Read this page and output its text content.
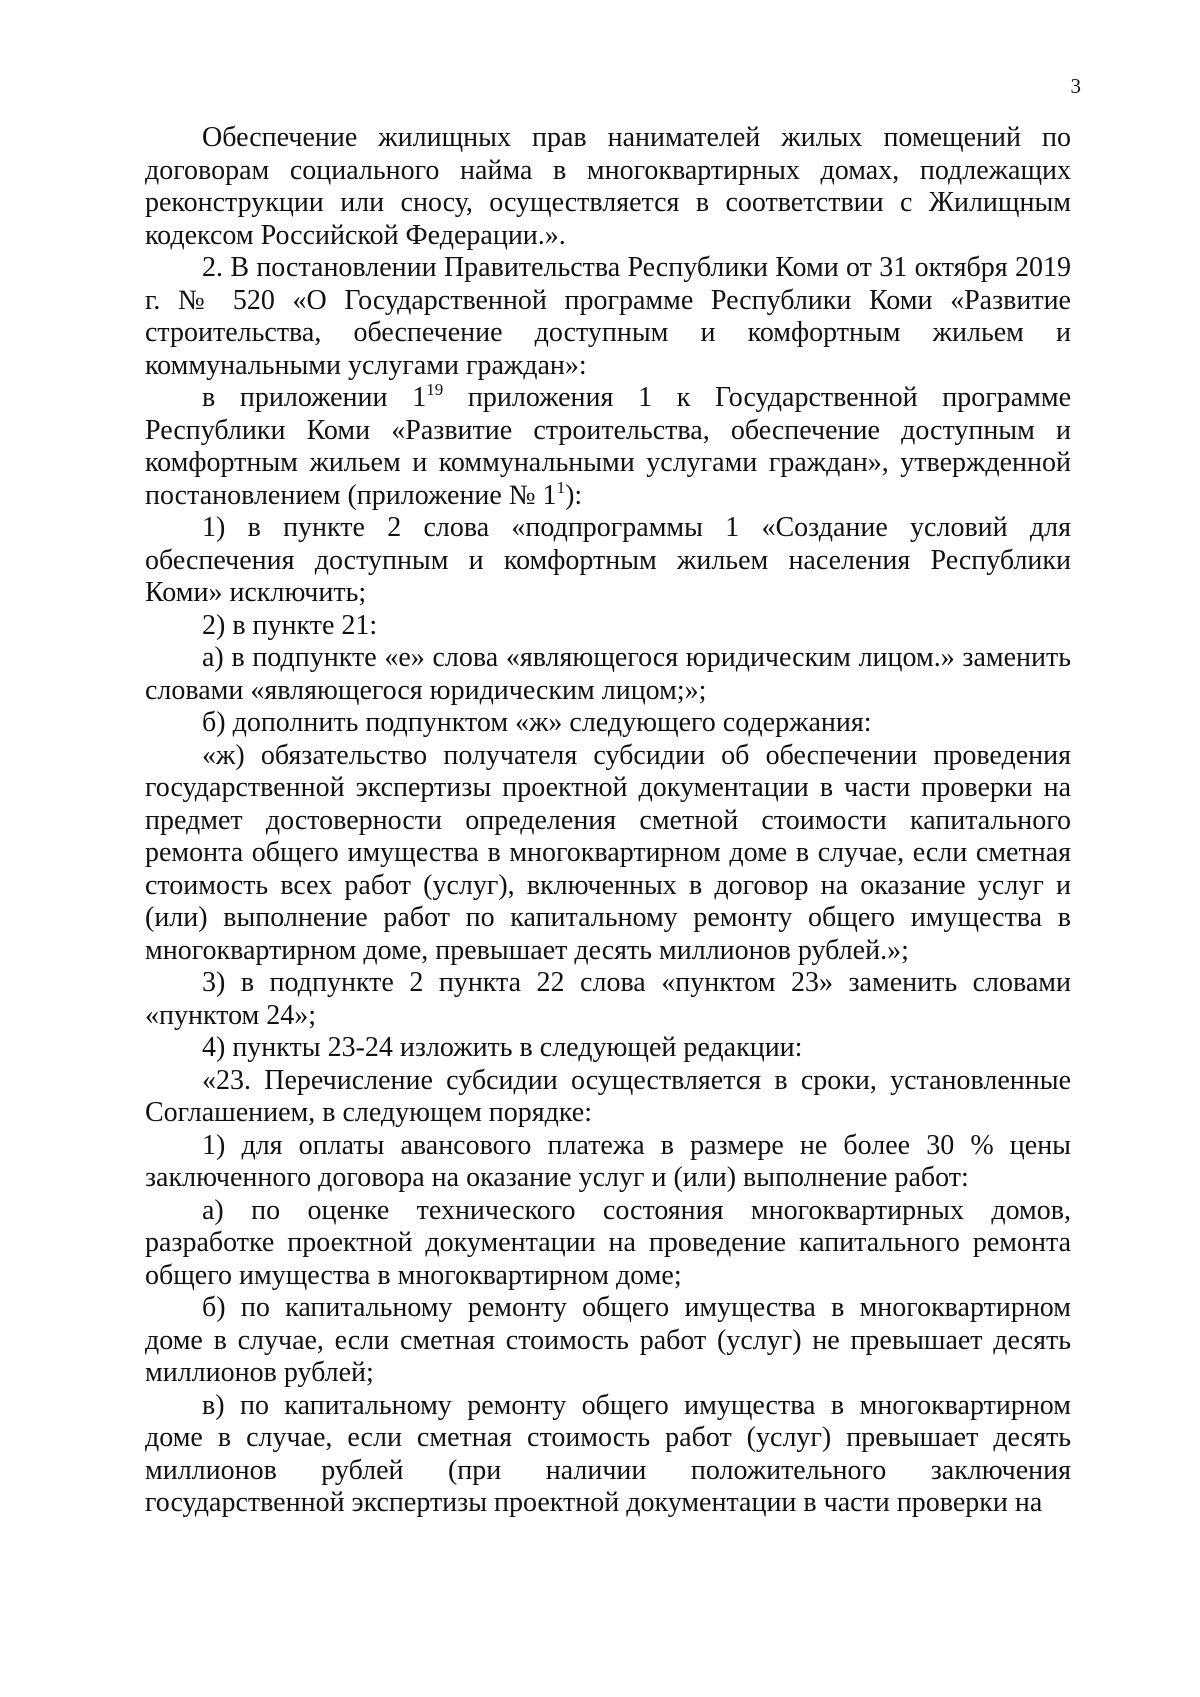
3

Обеспечение жилищных прав нанимателей жилых помещений по договорам социального найма в многоквартирных домах, подлежащих реконструкции или сносу, осуществляется в соответствии с Жилищным кодексом Российской Федерации.».

2. В постановлении Правительства Республики Коми от 31 октября 2019 г. № 520 «О Государственной программе Республики Коми «Развитие строительства, обеспечение доступным и комфортным жильем и коммунальными услугами граждан»:

в приложении $1^{19}$ приложения 1 к Государственной программе Республики Коми «Развитие строительства, обеспечение доступным и комфортным жильем и коммунальными услугами граждан», утвержденной постановлением (приложение № $1^1$):

1) в пункте 2 слова «подпрограммы 1 «Создание условий для обеспечения доступным и комфортным жильем населения Республики Коми» исключить;

2) в пункте 21:

а) в подпункте «е» слова «являющегося юридическим лицом.» заменить словами «являющегося юридическим лицом;»;

б) дополнить подпунктом «ж» следующего содержания:

«ж) обязательство получателя субсидии об обеспечении проведения государственной экспертизы проектной документации в части проверки на предмет достоверности определения сметной стоимости капитального ремонта общего имущества в многоквартирном доме в случае, если сметная стоимость всех работ (услуг), включенных в договор на оказание услуг и (или) выполнение работ по капитальному ремонту общего имущества в многоквартирном доме, превышает десять миллионов рублей.»;

3) в подпункте 2 пункта 22 слова «пунктом 23» заменить словами «пунктом 24»;

4) пункты 23-24 изложить в следующей редакции:

«23. Перечисление субсидии осуществляется в сроки, установленные Соглашением, в следующем порядке:

1) для оплаты авансового платежа в размере не более 30 % цены заключенного договора на оказание услуг и (или) выполнение работ:

а) по оценке технического состояния многоквартирных домов, разработке проектной документации на проведение капитального ремонта общего имущества в многоквартирном доме;

б) по капитальному ремонту общего имущества в многоквартирном доме в случае, если сметная стоимость работ (услуг) не превышает десять миллионов рублей;

в) по капитальному ремонту общего имущества в многоквартирном доме в случае, если сметная стоимость работ (услуг) превышает десять миллионов рублей (при наличии положительного заключения государственной экспертизы проектной документации в части проверки на
